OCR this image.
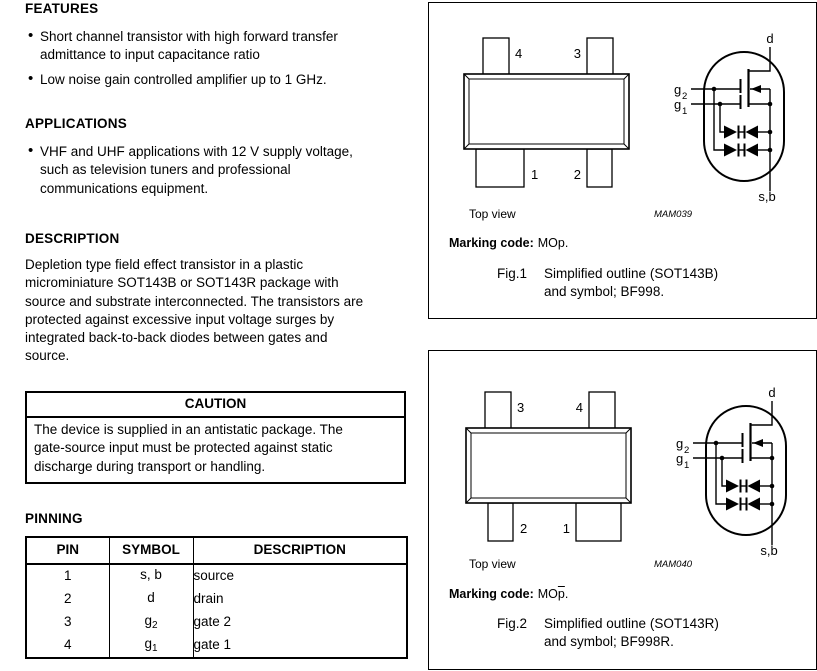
FEATURES
• Short channel transistor with high forward transfer
admittance to input capacitance ratio
• Low noise gain controlled amplifier up to 1 GHz.
APPLICATIONS
• VHF and UHF applications with 12 V supply voltage,
such as television tuners and professional
communications equipment.
DESCRIPTION
Depletion type field effect transistor in a plastic
microminiature SOT143B or SOT143R package with
source and substrate interconnected. The transistors are
protected against excessive input voltage surges by
integrated back-to-back diodes between gates and
source.
CAUTION
The device is supplied in an antistatic package. The
gate-source input must be protected against static
discharge during transport or handling.
PINNING
PIN	SYMBOL	DESCRIPTION
1	s, b	source
2	d	drain
3	$g_2$	gate 2
4	$g_1$	gate 1
4	3
1	2
d
g 2
g 1
s,b
Top view	MAM039
Marking code: MOp.
Fig.1 Simplified outline (SOT143B)
and symbol; BF998.
3	4
2	1
d
g 2
g 1
s,b
Top view	MAM040
Marking code: $MO\overline{p}$.
Fig.2 Simplified outline (SOT143R)
and symbol; BF998R.
